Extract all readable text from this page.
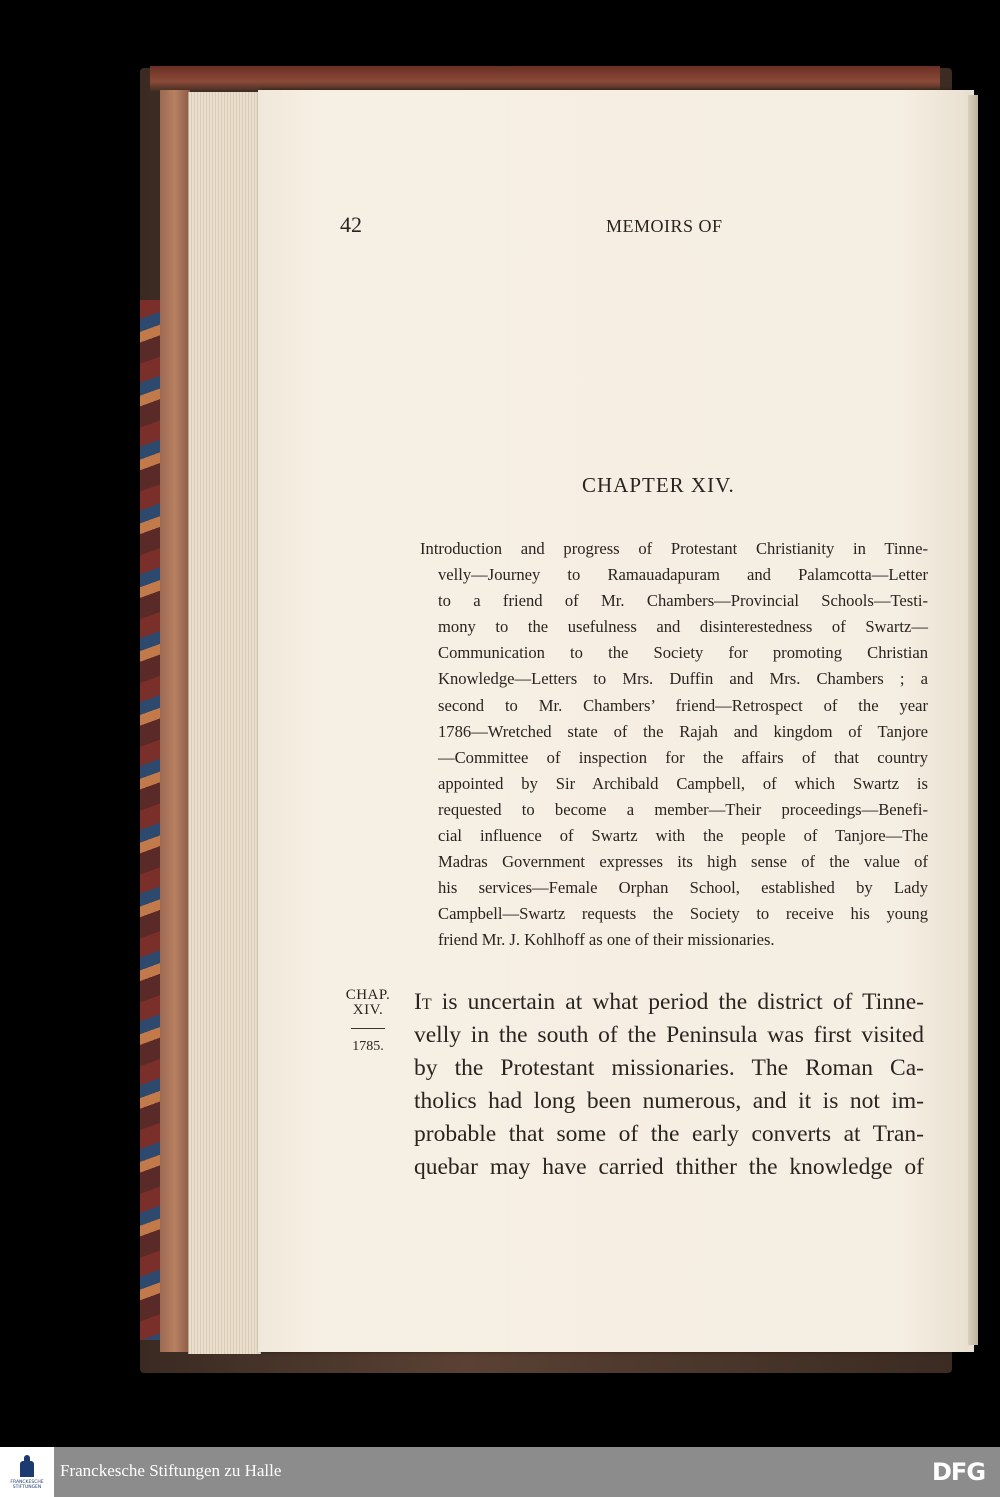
42	MEMOIRS OF
CHAPTER XIV.
Introduction and progress of Protestant Christianity in Tinne-
velly—Journey to Ramauadapuram and Palamcotta—Letter
to a friend of Mr. Chambers—Provincial Schools—Testi-
mony to the usefulness and disinterestedness of Swartz—
Communication to the Society for promoting Christian
Knowledge—Letters to Mrs. Duffin and Mrs. Chambers ; a
second to Mr. Chambers’ friend—Retrospect of the year
1786—Wretched state of the Rajah and kingdom of Tanjore
—Committee of inspection for the affairs of that country
appointed by Sir Archibald Campbell, of which Swartz is
requested to become a member—Their proceedings—Benefi-
cial influence of Swartz with the people of Tanjore—The
Madras Government expresses its high sense of the value of
his services—Female Orphan School, established by Lady
Campbell—Swartz requests the Society to receive his young
friend Mr. J. Kohlhoff as one of their missionaries.
CHAP.
XIV.
1785.
It is uncertain at what period the district of Tinne-
velly in the south of the Peninsula was first visited
by the Protestant missionaries. The Roman Ca-
tholics had long been numerous, and it is not im-
probable that some of the early converts at Tran-
quebar may have carried thither the knowledge of
FRANCKESCHE
STIFTUNGEN
Franckesche Stiftungen zu Halle	DFG
